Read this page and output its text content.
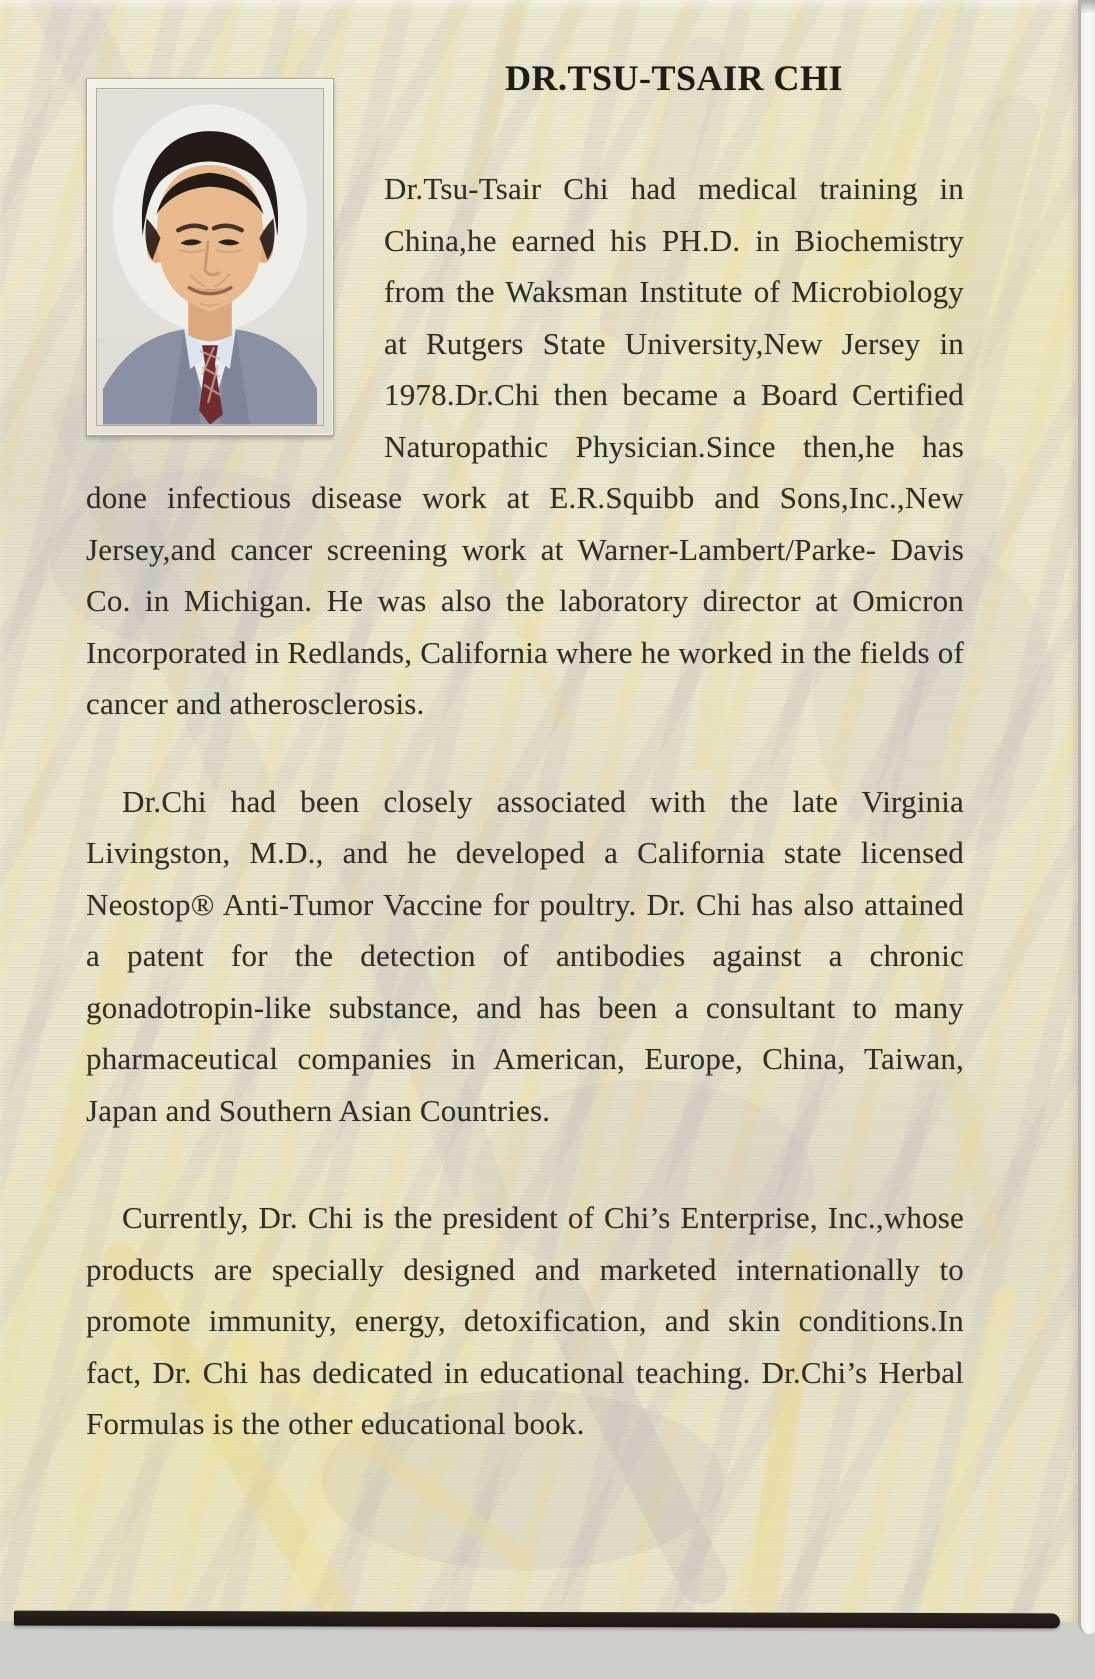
DR.TSU-TSAIR CHI

Dr.Tsu-Tsair Chi had medical training in China,he earned his PH.D. in Biochemistry from the Waksman Institute of Microbiology at Rutgers State University,New Jersey in 1978.Dr.Chi then became a Board Certified Naturopathic Physician.Since then,he has done infectious disease work at E.R.Squibb and Sons,Inc.,New Jersey,and cancer screening work at Warner-Lambert/Parke- Davis Co. in Michigan. He was also the laboratory director at Omicron Incorporated in Redlands, California where he worked in the fields of cancer and atherosclerosis.

Dr.Chi had been closely associated with the late Virginia Livingston, M.D., and he developed a California state licensed Neostop® Anti-Tumor Vaccine for poultry. Dr. Chi has also attained a patent for the detection of antibodies against a chronic gonadotropin-like substance, and has been a consultant to many pharmaceutical companies in American, Europe, China, Taiwan, Japan and Southern Asian Countries.

Currently, Dr. Chi is the president of Chi’s Enterprise, Inc.,whose products are specially designed and marketed internationally to promote immunity, energy, detoxification, and skin conditions.In fact, Dr. Chi has dedicated in educational teaching. Dr.Chi’s Herbal Formulas is the other educational book.
